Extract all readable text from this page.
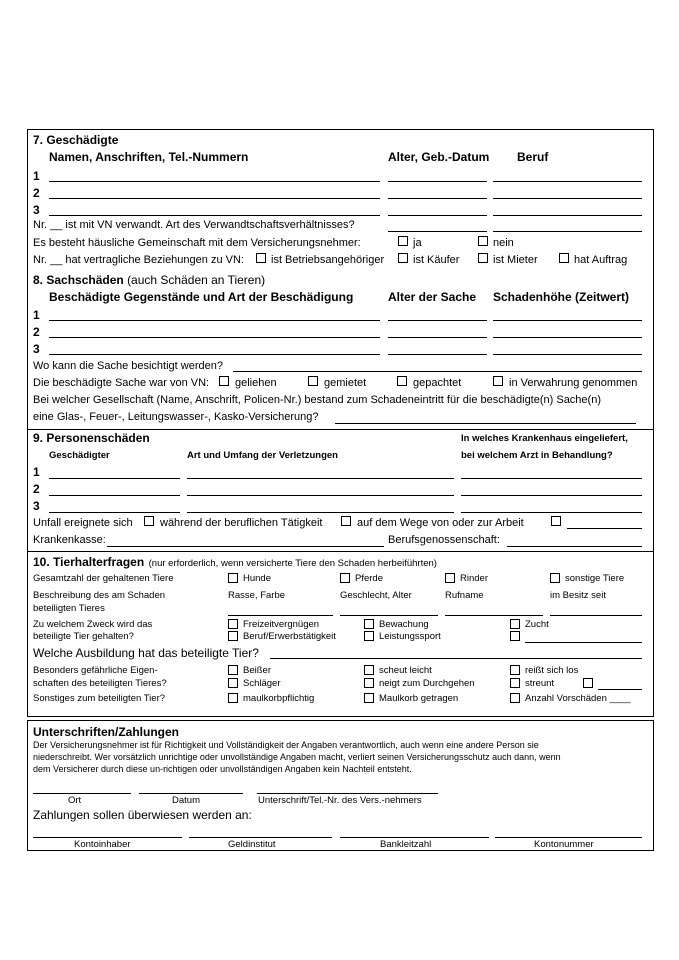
7. Geschädigte
Namen, Anschriften, Tel.-Nummern	Alter, Geb.-Datum Beruf
1
2
3
Nr. __ ist mit VN verwandt. Art des Verwandtschaftsverhältnisses?
Es besteht häusliche Gemeinschaft mit dem Versicherungsnehmer:	ja	nein
Nr. __ hat vertragliche Beziehungen zu VN: ist Betriebsangehöriger	ist Käufer	ist Mieter	hat Auftrag
8. Sachschäden (auch Schäden an Tieren)
Beschädigte Gegenstände und Art der Beschädigung	Alter der Sache Schadenhöhe (Zeitwert)
1
2
3
Wo kann die Sache besichtigt werden?
Die beschädigte Sache war von VN: geliehen	gemietet	gepachtet	in Verwahrung genommen
Bei welcher Gesellschaft (Name, Anschrift, Policen-Nr.) bestand zum Schadeneintritt für die beschädigte(n) Sache(n)
eine Glas-, Feuer-, Leitungswasser-, Kasko-Versicherung?
9. Personenschäden	In welches Krankenhaus eingeliefert,
bei welchem Arzt in Behandlung?
Geschädigter	Art und Umfang der Verletzungen
1
2
3
Unfall ereignete sich während der beruflichen Tätigkeit	auf dem Wege von oder zur Arbeit
Krankenkasse:	Berufsgenossenschaft:
10. Tierhalterfragen (nur erforderlich, wenn versicherte Tiere den Schaden herbeiführten)
Gesamtzahl der gehaltenen Tiere	Hunde	Pferde	Rinder	sonstige Tiere
Beschreibung des am Schaden
beteiligten Tieres
Rasse, Farbe	Geschlecht, Alter	Rufname	im Besitz seit
Zu welchem Zweck wird das
beteiligte Tier gehalten?
Freizeitvergnügen	Bewachung	Zucht
Beruf/Erwerbstätigkeit	Leistungssport
Welche Ausbildung hat das beteiligte Tier?
Besonders gefährliche Eigen-
schaften des beteiligten Tieres?
Beißer	scheut leicht	reißt sich los
Schläger	neigt zum Durchgehen	streunt
Sonstiges zum beteiligten Tier?	maulkorbpflichtig	Maulkorb getragen	Anzahl Vorschäden ____
Unterschriften/Zahlungen
Der Versicherungsnehmer ist für Richtigkeit und Vollständigkeit der Angaben verantwortlich, auch wenn eine andere Person sie
niederschreibt. Wer vorsätzlich unrichtige oder unvollständige Angaben macht, verliert seinen Versicherungsschutz auch dann, wenn
dem Versicherer durch diese un-richtigen oder unvollständigen Angaben kein Nachteil entsteht.
Ort	Datum	Unterschrift/Tel.-Nr. des Vers.-nehmers
Zahlungen sollen überwiesen werden an:
Kontoinhaber	Geldinstitut	Bankleitzahl	Kontonummer
